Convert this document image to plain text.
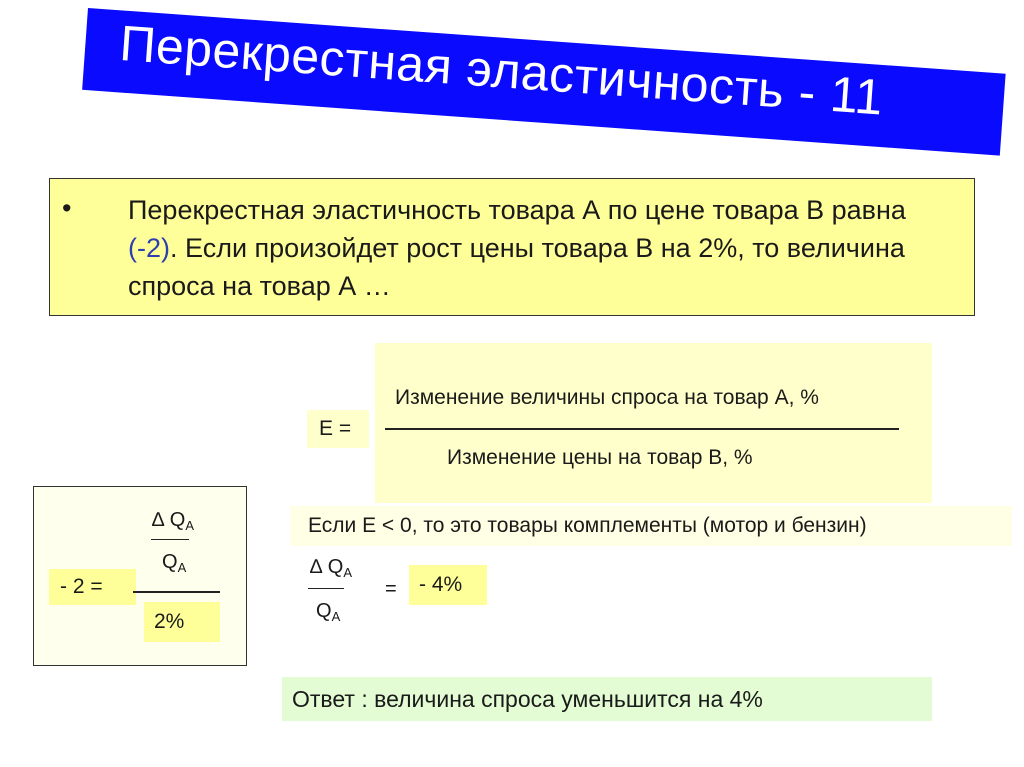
Перекрестная эластичность - 11
• Перекрестная эластичность товара А по цене товара В равна (-2). Если произойдет рост цены товара В на 2%, то величина спроса на товар А …
Изменение величины спроса на товар А, %
Изменение цены на товар В, %
Е =
Если Е < 0, то это товары комплементы (мотор и бензин)
∆ $Q_A$
$Q_A$
- 2 =
2%
∆ $Q_A$
$Q_A$
=	- 4%
Ответ : величина спроса уменьшится на 4%
